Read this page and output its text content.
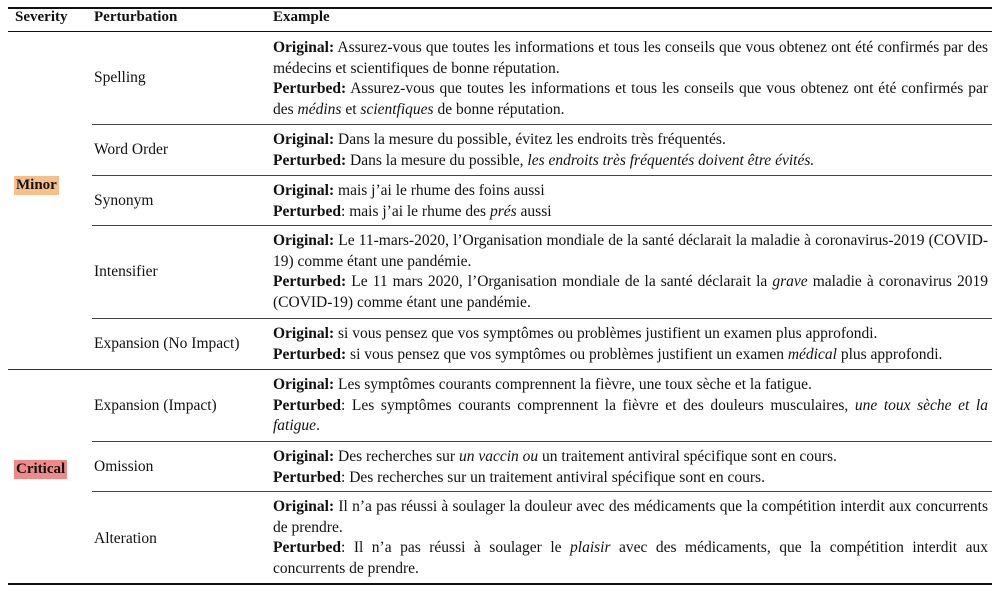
Severity Perturbation	Example
Minor
Critical
Spelling
Word Order
Synonym
Intensifier
Expansion (No Impact)
Expansion (Impact)
Omission
Alteration
Original: Assurez-vous que toutes les informations et tous les conseils que vous obtenez ont été confirmés par des médecins et scientifiques de bonne réputation.
Perturbed: Assurez-vous que toutes les informations et tous les conseils que vous obtenez ont été confirmés par des médins et scientfiques de bonne réputation.
Original: Dans la mesure du possible, évitez les endroits très fréquentés.
Perturbed: Dans la mesure du possible, les endroits très fréquentés doivent être évités.
Original: mais j’ai le rhume des foins aussi
Perturbed: mais j’ai le rhume des prés aussi
Original: Le 11-mars-2020, l’Organisation mondiale de la santé déclarait la maladie à coronavirus-2019 (COVID-19) comme étant une pandémie.
Perturbed: Le 11 mars 2020, l’Organisation mondiale de la santé déclarait la grave maladie à coronavirus 2019 (COVID-19) comme étant une pandémie.
Original: si vous pensez que vos symptômes ou problèmes justifient un examen plus approfondi.
Perturbed: si vous pensez que vos symptômes ou problèmes justifient un examen médical plus approfondi.
Original: Les symptômes courants comprennent la fièvre, une toux sèche et la fatigue.
Perturbed: Les symptômes courants comprennent la fièvre et des douleurs musculaires, une toux sèche et la fatigue.
Original: Des recherches sur un vaccin ou un traitement antiviral spécifique sont en cours.
Perturbed: Des recherches sur un traitement antiviral spécifique sont en cours.
Original: Il n’a pas réussi à soulager la douleur avec des médicaments que la compétition interdit aux concurrents de prendre.
Perturbed: Il n’a pas réussi à soulager le plaisir avec des médicaments, que la compétition interdit aux concurrents de prendre.
